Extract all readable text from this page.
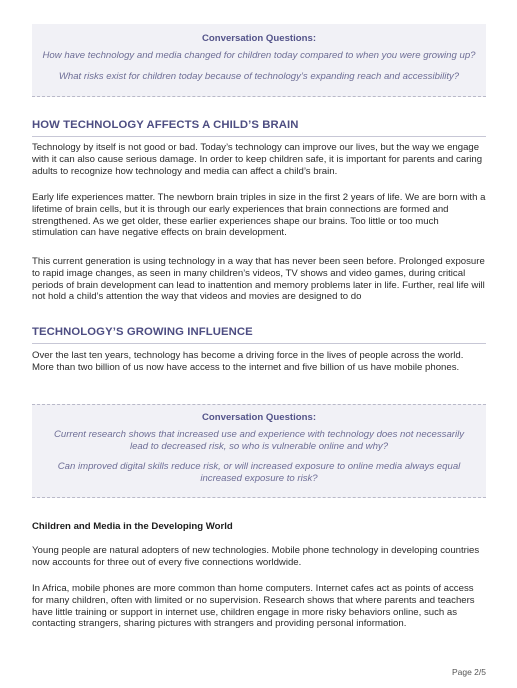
Conversation Questions:
How have technology and media changed for children today compared to when you were growing up?
What risks exist for children today because of technology’s expanding reach and accessibility?
HOW TECHNOLOGY AFFECTS A CHILD’S BRAIN
Technology by itself is not good or bad. Today’s technology can improve our lives, but the way we engage with it can also cause serious damage. In order to keep children safe, it is important for parents and caring adults to recognize how technology and media can affect a child’s brain.
Early life experiences matter. The newborn brain triples in size in the first 2 years of life. We are born with a lifetime of brain cells, but it is through our early experiences that brain connections are formed and strengthened. As we get older, these earlier experiences shape our brains. Too little or too much stimulation can have negative effects on brain development.
This current generation is using technology in a way that has never been seen before. Prolonged exposure to rapid image changes, as seen in many children’s videos, TV shows and video games, during critical periods of brain development can lead to inattention and memory problems later in life. Further, real life will not hold a child’s attention the way that videos and movies are designed to do
TECHNOLOGY’S GROWING INFLUENCE
Over the last ten years, technology has become a driving force in the lives of people across the world. More than two billion of us now have access to the internet and five billion of us have mobile phones.
Conversation Questions:
Current research shows that increased use and experience with technology does not necessarily
lead to decreased risk, so who is vulnerable online and why?
Can improved digital skills reduce risk, or will increased exposure to online media always equal
increased exposure to risk?
Children and Media in the Developing World
Young people are natural adopters of new technologies. Mobile phone technology in developing countries now accounts for three out of every five connections worldwide.
In Africa, mobile phones are more common than home computers. Internet cafes act as points of access for many children, often with limited or no supervision. Research shows that where parents and teachers have little training or support in internet use, children engage in more risky behaviors online, such as contacting strangers, sharing pictures with strangers and providing personal information.
Page 2/5
